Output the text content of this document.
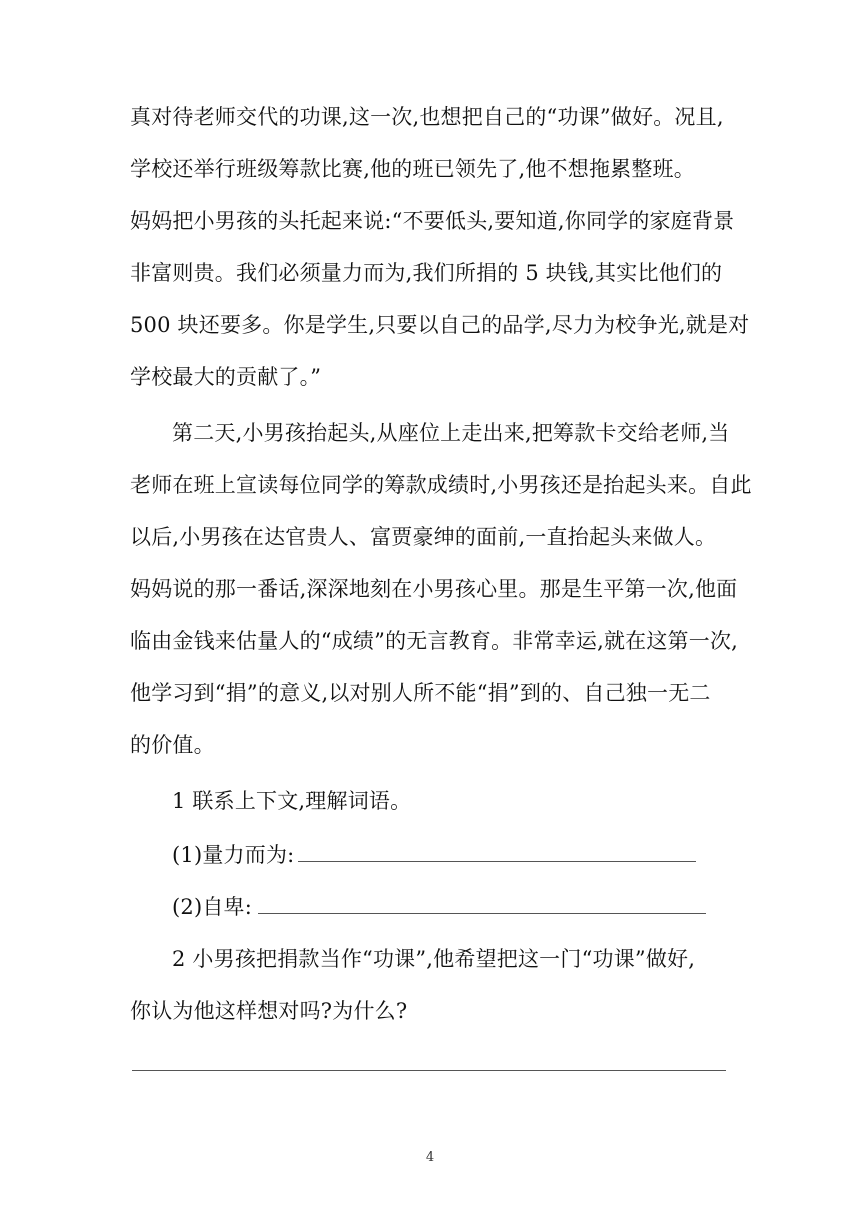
真对待老师交代的功课,这一次,也想把自己的“功课”做好。况且,
学校还举行班级筹款比赛,他的班已领先了,他不想拖累整班。
妈妈把小男孩的头托起来说:“不要低头,要知道,你同学的家庭背景
非富则贵。我们必须量力而为,我们所捐的 5 块钱,其实比他们的
500 块还要多。你是学生,只要以自己的品学,尽力为校争光,就是对
学校最大的贡献了。”
第二天,小男孩抬起头,从座位上走出来,把筹款卡交给老师,当
老师在班上宣读每位同学的筹款成绩时,小男孩还是抬起头来。自此
以后,小男孩在达官贵人、富贾豪绅的面前,一直抬起头来做人。
妈妈说的那一番话,深深地刻在小男孩心里。那是生平第一次,他面
临由金钱来估量人的“成绩”的无言教育。非常幸运,就在这第一次,
他学习到“捐”的意义,以对别人所不能“捐”到的、自己独一无二
的价值。
1 联系上下文,理解词语。
(1)量力而为:
(2)自卑:
2 小男孩把捐款当作“功课”,他希望把这一门“功课”做好,
你认为他这样想对吗?为什么?
4
